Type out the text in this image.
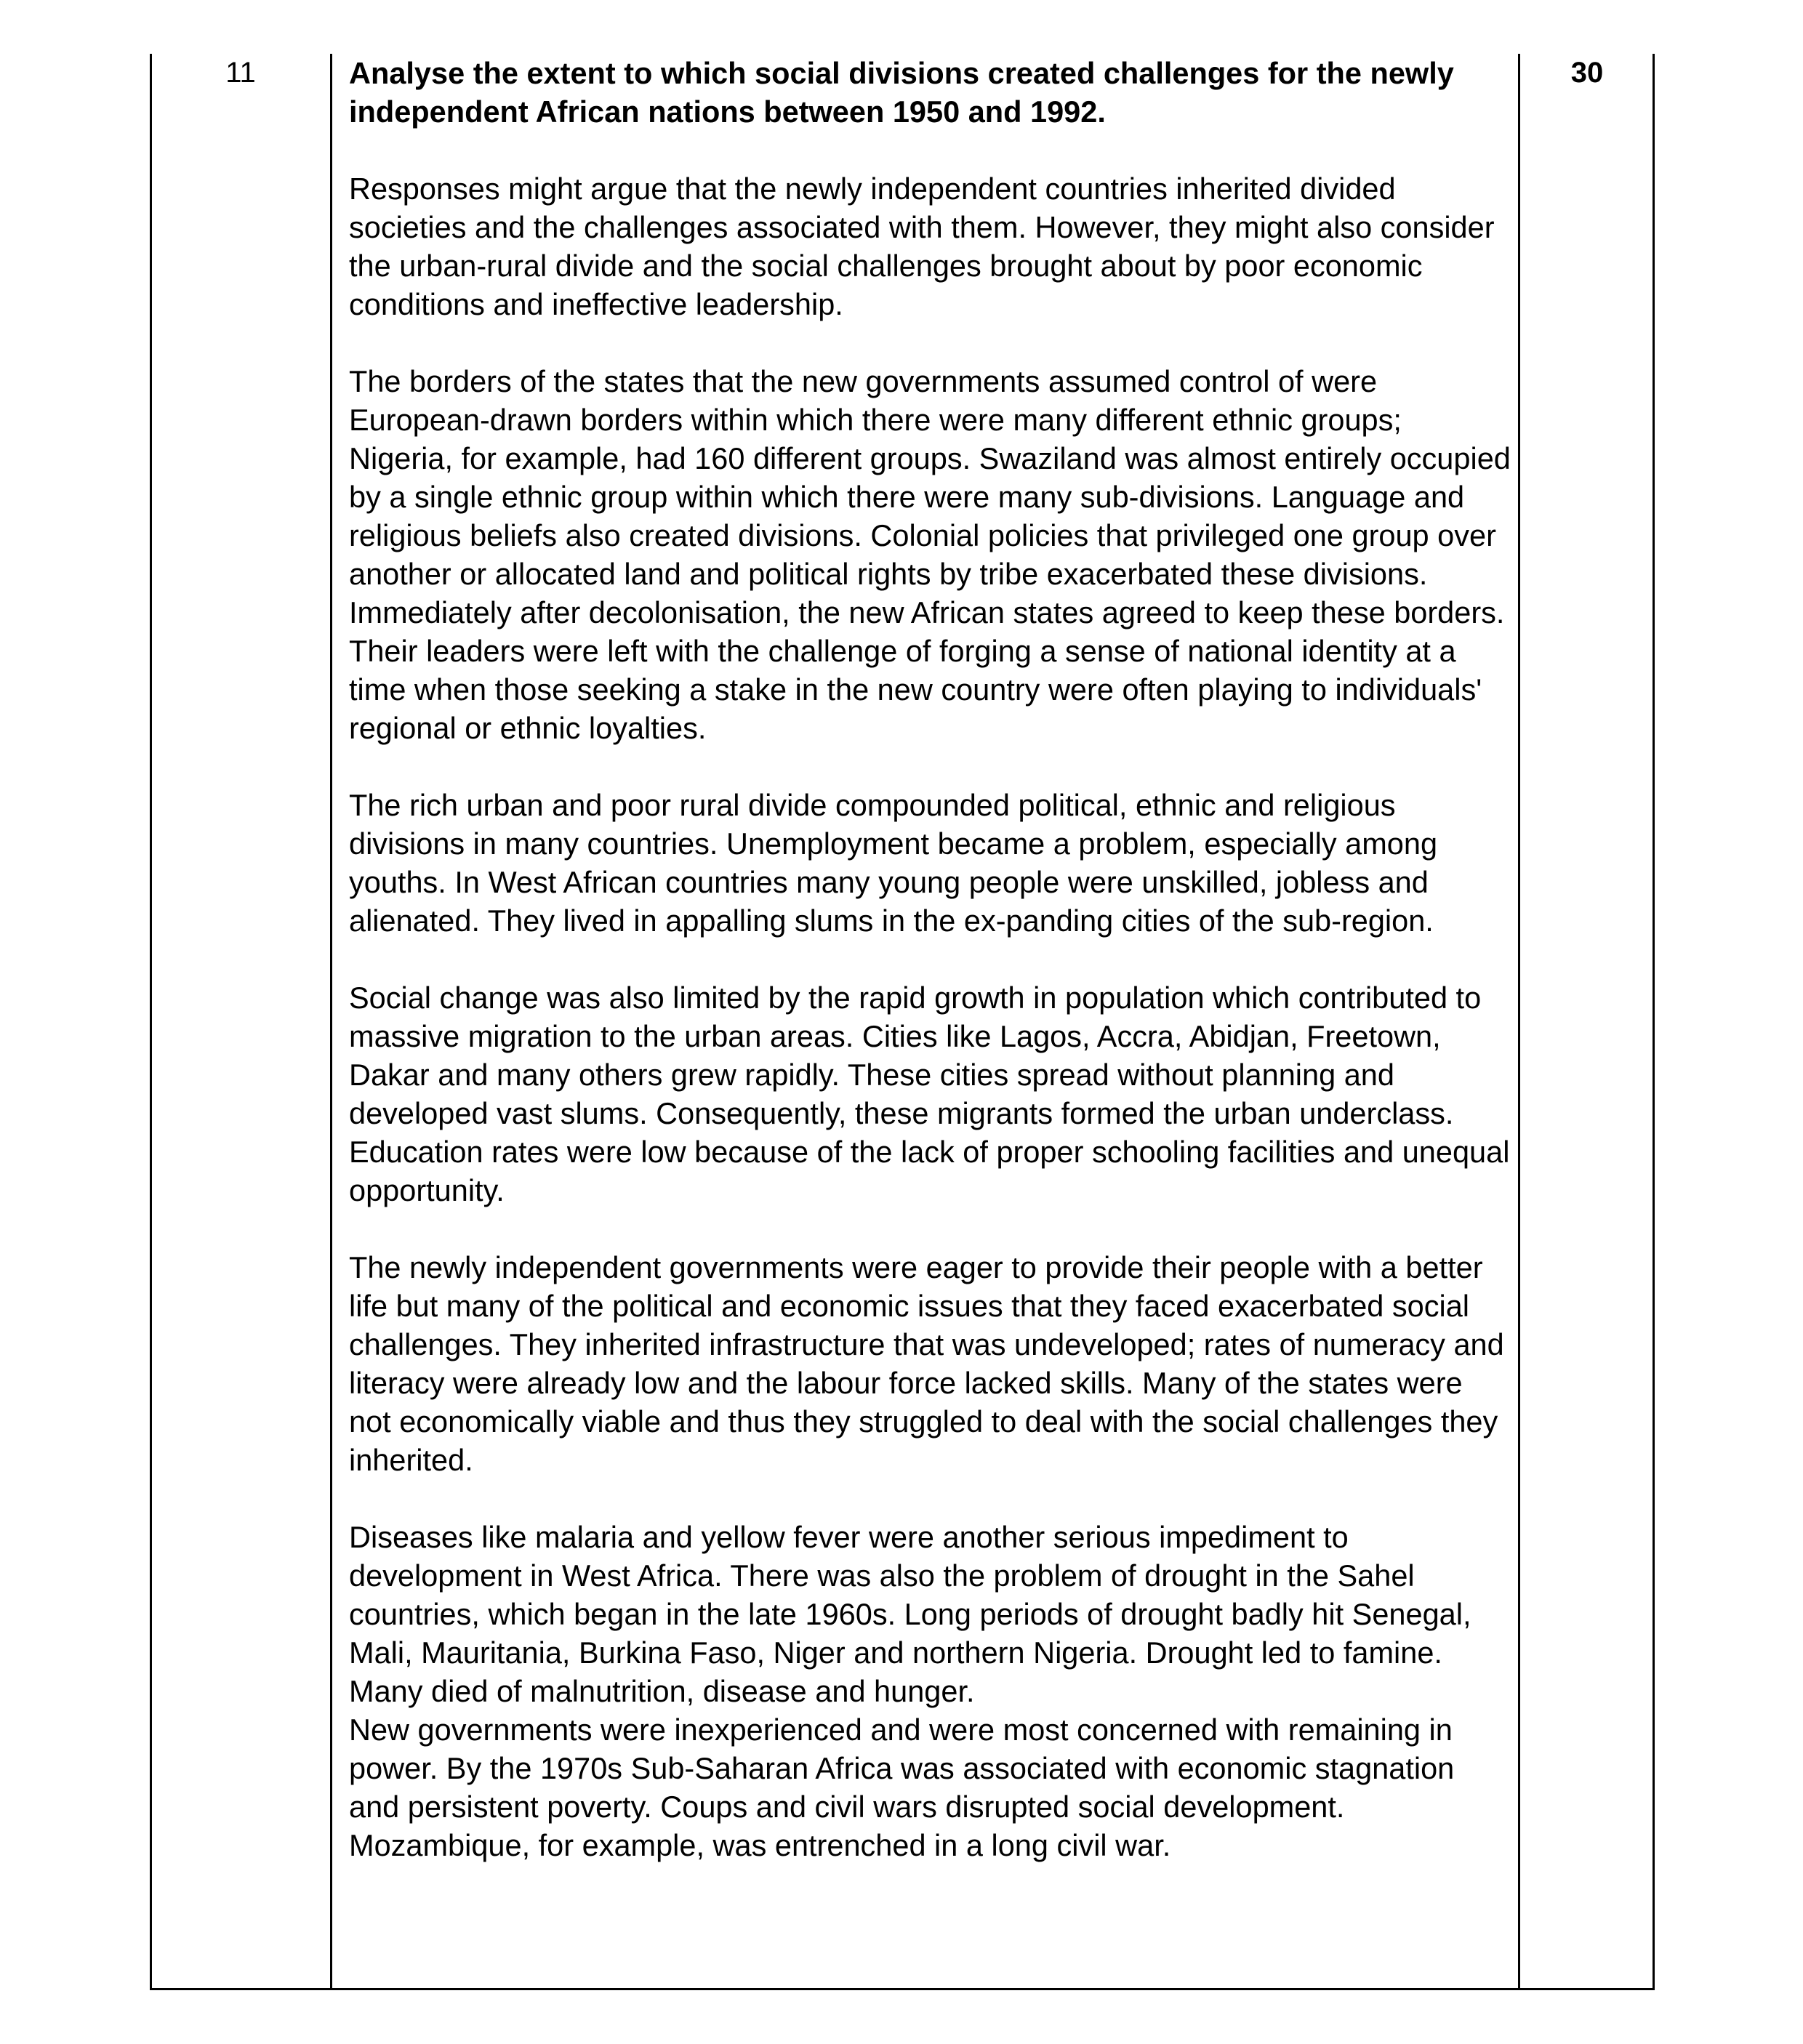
11	Analyse the extent to which social divisions created challenges for the newly independent African nations between 1950 and 1992.

Responses might argue that the newly independent countries inherited divided societies and the challenges associated with them. However, they might also consider the urban-rural divide and the social challenges brought about by poor economic conditions and ineffective leadership.

The borders of the states that the new governments assumed control of were European-drawn borders within which there were many different ethnic groups; Nigeria, for example, had 160 different groups. Swaziland was almost entirely occupied by a single ethnic group within which there were many sub-divisions. Language and religious beliefs also created divisions. Colonial policies that privileged one group over another or allocated land and political rights by tribe exacerbated these divisions. Immediately after decolonisation, the new African states agreed to keep these borders. Their leaders were left with the challenge of forging a sense of national identity at a time when those seeking a stake in the new country were often playing to individuals' regional or ethnic loyalties.

The rich urban and poor rural divide compounded political, ethnic and religious divisions in many countries. Unemployment became a problem, especially among youths. In West African countries many young people were unskilled, jobless and alienated. They lived in appalling slums in the ex-panding cities of the sub-region.

Social change was also limited by the rapid growth in population which contributed to massive migration to the urban areas. Cities like Lagos, Accra, Abidjan, Freetown, Dakar and many others grew rapidly. These cities spread without planning and developed vast slums. Consequently, these migrants formed the urban underclass. Education rates were low because of the lack of proper schooling facilities and unequal opportunity.

The newly independent governments were eager to provide their people with a better life but many of the political and economic issues that they faced exacerbated social challenges. They inherited infrastructure that was undeveloped; rates of numeracy and literacy were already low and the labour force lacked skills. Many of the states were not economically viable and thus they struggled to deal with the social challenges they inherited.

Diseases like malaria and yellow fever were another serious impediment to development in West Africa. There was also the problem of drought in the Sahel countries, which began in the late 1960s. Long periods of drought badly hit Senegal, Mali, Mauritania, Burkina Faso, Niger and northern Nigeria. Drought led to famine. Many died of malnutrition, disease and hunger.
New governments were inexperienced and were most concerned with remaining in power. By the 1970s Sub-Saharan Africa was associated with economic stagnation and persistent poverty. Coups and civil wars disrupted social development. Mozambique, for example, was entrenched in a long civil war.

30
